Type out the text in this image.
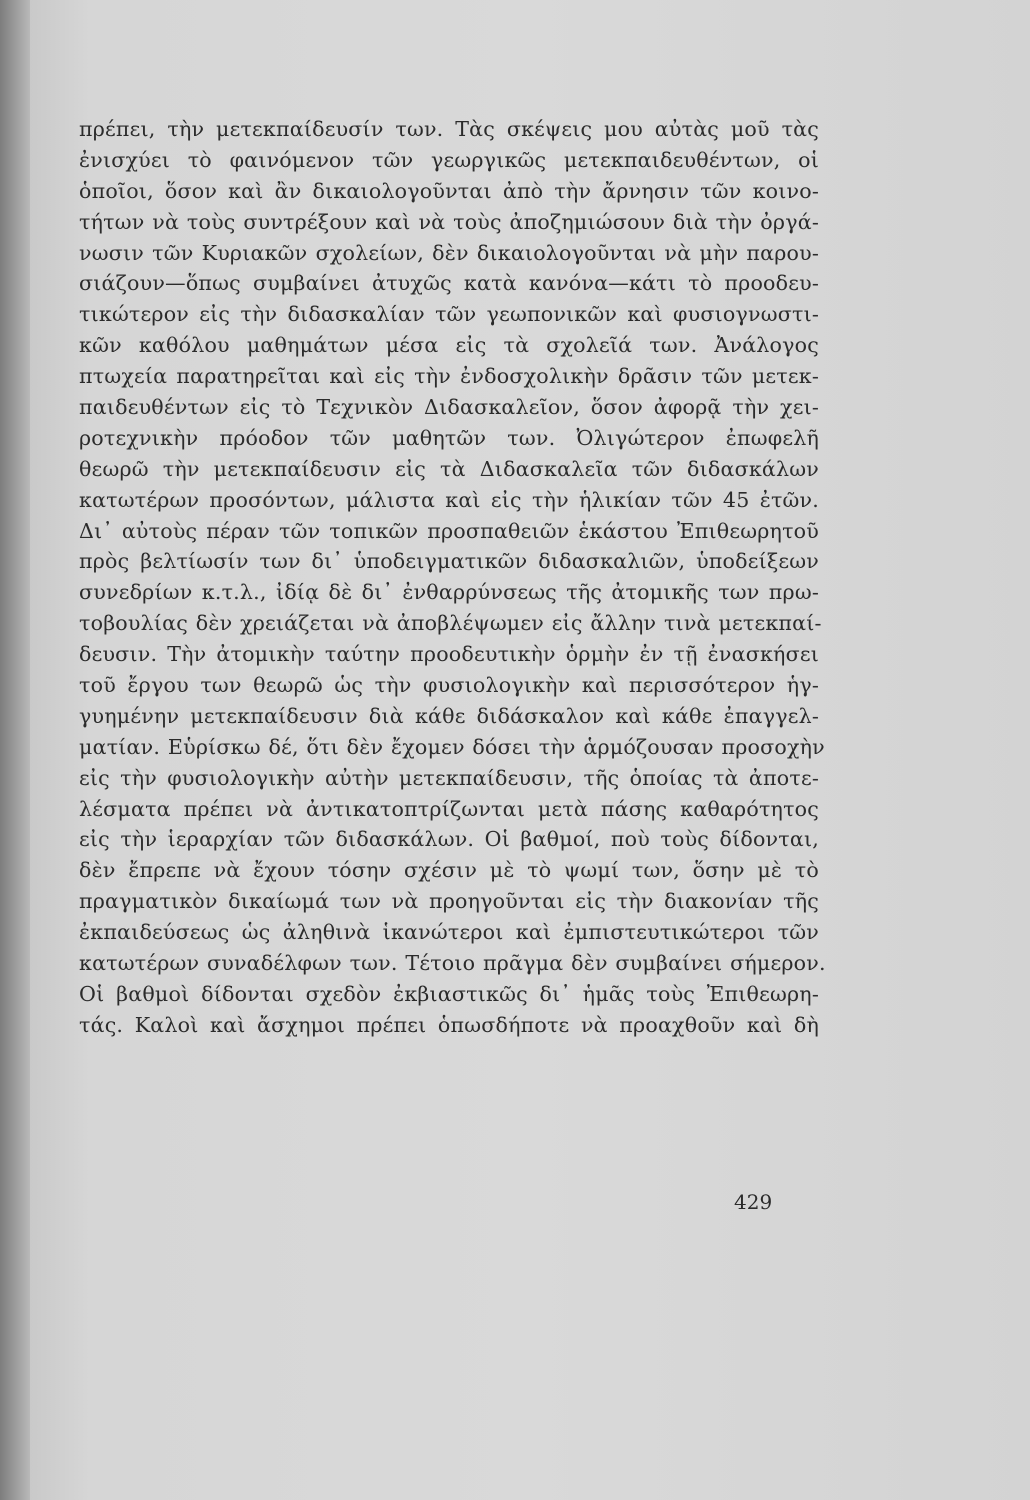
πρέπει, τὴν μετεκπαίδευσίν των. Τὰς σκέψεις μου αὐτὰς μοῦ τὰς
ἐνισχύει τὸ φαινόμενον τῶν γεωργικῶς μετεκπαιδευθέντων, οἱ
ὁποῖοι, ὅσον καὶ ἂν δικαιολογοῦνται ἀπὸ τὴν ἄρνησιν τῶν κοινο-
τήτων νὰ τοὺς συντρέξουν καὶ νὰ τοὺς ἀποζημιώσουν διὰ τὴν ὀργά-
νωσιν τῶν Κυριακῶν σχολείων, δὲν δικαιολογοῦνται νὰ μὴν παρου-
σιάζουν—ὅπως συμβαίνει ἀτυχῶς κατὰ κανόνα—κάτι τὸ προοδευ-
τικώτερον εἰς τὴν διδασκαλίαν τῶν γεωπονικῶν καὶ φυσιογνωστι-
κῶν καθόλου μαθημάτων μέσα εἰς τὰ σχολεῖά των. Ἀνάλογος
πτωχεία παρατηρεῖται καὶ εἰς τὴν ἐνδοσχολικὴν δρᾶσιν τῶν μετεκ-
παιδευθέντων εἰς τὸ Τεχνικὸν Διδασκαλεῖον, ὅσον ἀφορᾷ τὴν χει-
ροτεχνικὴν πρόοδον τῶν μαθητῶν των. Ὀλιγώτερον ἐπωφελῆ
θεωρῶ τὴν μετεκπαίδευσιν εἰς τὰ Διδασκαλεῖα τῶν διδασκάλων
κατωτέρων προσόντων, μάλιστα καὶ εἰς τὴν ἡλικίαν τῶν 45 ἐτῶν.
Δι᾿ αὐτοὺς πέραν τῶν τοπικῶν προσπαθειῶν ἑκάστου Ἐπιθεωρητοῦ
πρὸς βελτίωσίν των δι᾿ ὑποδειγματικῶν διδασκαλιῶν, ὑποδείξεων
συνεδρίων κ.τ.λ., ἰδίᾳ δὲ δι᾿ ἐνθαρρύνσεως τῆς ἀτομικῆς των πρω-
τοβουλίας δὲν χρειάζεται νὰ ἀποβλέψωμεν εἰς ἄλλην τινὰ μετεκπαί-
δευσιν. Τὴν ἀτομικὴν ταύτην προοδευτικὴν ὁρμὴν ἐν τῇ ἐνασκήσει
τοῦ ἔργου των θεωρῶ ὡς τὴν φυσιολογικὴν καὶ περισσότερον ἡγ-
γυημένην μετεκπαίδευσιν διὰ κάθε διδάσκαλον καὶ κάθε ἐπαγγελ-
ματίαν. Εὑρίσκω δέ, ὅτι δὲν ἔχομεν δόσει τὴν ἁρμόζουσαν προσοχὴν
εἰς τὴν φυσιολογικὴν αὐτὴν μετεκπαίδευσιν, τῆς ὁποίας τὰ ἀποτε-
λέσματα πρέπει νὰ ἀντικατοπτρίζωνται μετὰ πάσης καθαρότητος
εἰς τὴν ἱεραρχίαν τῶν διδασκάλων. Οἱ βαθμοί, ποὺ τοὺς δίδονται,
δὲν ἔπρεπε νὰ ἔχουν τόσην σχέσιν μὲ τὸ ψωμί των, ὅσην μὲ τὸ
πραγματικὸν δικαίωμά των νὰ προηγοῦνται εἰς τὴν διακονίαν τῆς
ἐκπαιδεύσεως ὡς ἀληθινὰ ἱκανώτεροι καὶ ἐμπιστευτικώτεροι τῶν
κατωτέρων συναδέλφων των. Τέτοιο πρᾶγμα δὲν συμβαίνει σήμερον.
Οἱ βαθμοὶ δίδονται σχεδὸν ἐκβιαστικῶς δι᾿ ἡμᾶς τοὺς Ἐπιθεωρη-
τάς. Καλοὶ καὶ ἄσχημοι πρέπει ὁπωσδήποτε νὰ προαχθοῦν καὶ δὴ
429
